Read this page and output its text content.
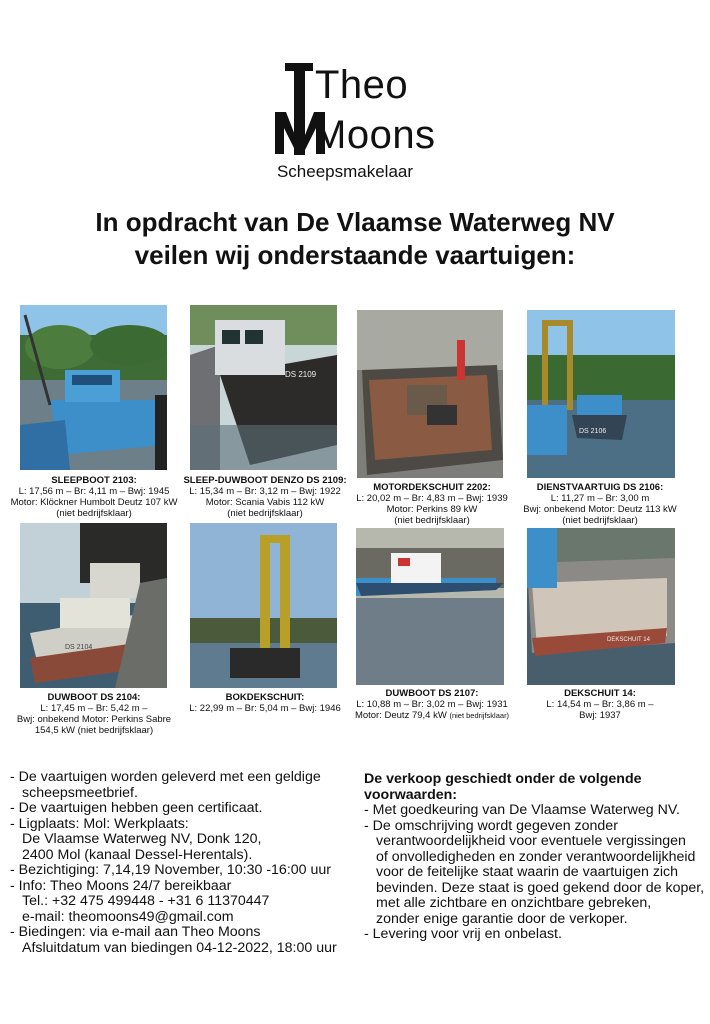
Theo
Moons
Scheepsmakelaar
In opdracht van De Vlaamse Waterweg NV
veilen wij onderstaande vaartuigen:
DS 2109
DS 2106
SLEEPBOOT 2103:
L: 17,56 m – Br: 4,11 m – Bwj: 1945
Motor: Klöckner Humbolt Deutz 107 kW
(niet bedrijfsklaar)
SLEEP-DUWBOOT DENZO DS 2109:
L: 15,34 m – Br: 3,12 m – Bwj: 1922
Motor: Scania Vabis 112 kW
(niet bedrijfsklaar)
MOTORDEKSCHUIT 2202:
L: 20,02 m – Br: 4,83 m – Bwj: 1939
Motor: Perkins 89 kW
(niet bedrijfsklaar)
DIENSTVAARTUIG DS 2106:
L: 11,27 m – Br: 3,00 m
Bwj: onbekend Motor: Deutz 113 kW
(niet bedrijfsklaar)
DS 2104
DEKSCHUIT 14
DUWBOOT DS 2104:
L: 17,45 m – Br: 5,42 m –
Bwj: onbekend Motor: Perkins Sabre
154,5 kW (niet bedrijfsklaar)
BOKDEKSCHUIT:
L: 22,99 m – Br: 5,04 m – Bwj: 1946
DUWBOOT DS 2107:
L: 10,88 m – Br: 3,02 m – Bwj: 1931
Motor: Deutz 79,4 kW (niet bedrijfsklaar)
DEKSCHUIT 14:
L: 14,54 m – Br: 3,86 m –
Bwj: 1937
- De vaartuigen worden geleverd met een geldige
scheepsmeetbrief.
- De vaartuigen hebben geen certificaat.
- Ligplaats: Mol: Werkplaats:
De Vlaamse Waterweg NV, Donk 120,
2400 Mol (kanaal Dessel-Herentals).
- Bezichtiging: 7,14,19 November, 10:30 -16:00 uur
- Info: Theo Moons 24/7 bereikbaar
Tel.: +32 475 499448 - +31 6 11370447
e-mail: theomoons49@gmail.com
- Biedingen: via e-mail aan Theo Moons
Afsluitdatum van biedingen 04-12-2022, 18:00 uur
De verkoop geschiedt onder de volgende
voorwaarden:
- Met goedkeuring van De Vlaamse Waterweg NV.
- De omschrijving wordt gegeven zonder
verantwoordelijkheid voor eventuele vergissingen
of onvolledigheden en zonder verantwoordelijkheid
voor de feitelijke staat waarin de vaartuigen zich
bevinden. Deze staat is goed gekend door de koper,
met alle zichtbare en onzichtbare gebreken,
zonder enige garantie door de verkoper.
- Levering voor vrij en onbelast.
